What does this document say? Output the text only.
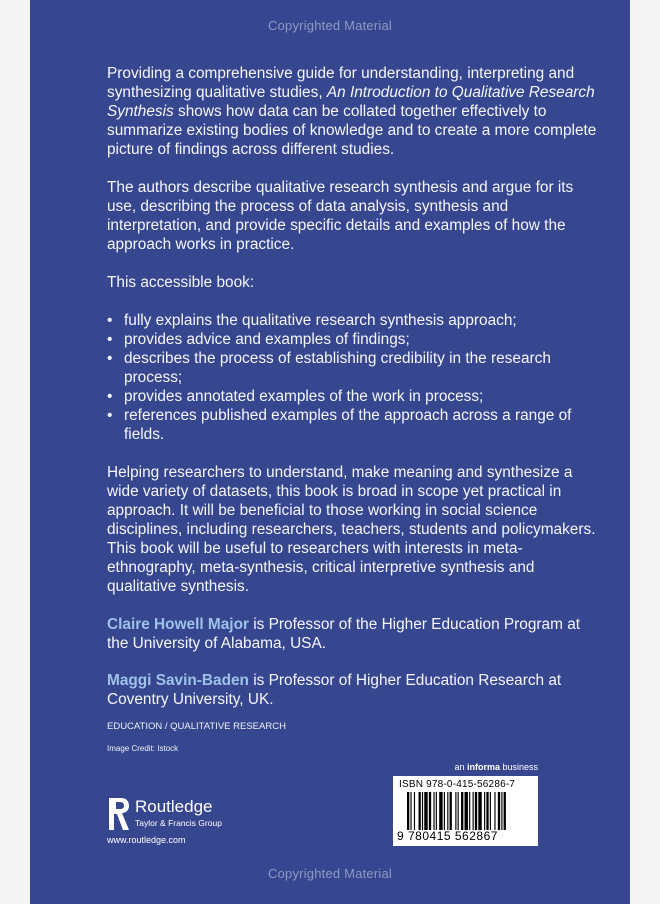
Copyrighted Material

Providing a comprehensive guide for understanding, interpreting and synthesizing qualitative studies, An Introduction to Qualitative Research Synthesis shows how data can be collated together effectively to summarize existing bodies of knowledge and to create a more complete picture of findings across different studies.

The authors describe qualitative research synthesis and argue for its use, describing the process of data analysis, synthesis and interpretation, and provide specific details and examples of how the approach works in practice.

This accessible book:

• fully explains the qualitative research synthesis approach;
• provides advice and examples of findings;
• describes the process of establishing credibility in the research process;
• provides annotated examples of the work in process;
• references published examples of the approach across a range of fields.

Helping researchers to understand, make meaning and synthesize a wide variety of datasets, this book is broad in scope yet practical in approach. It will be beneficial to those working in social science disciplines, including researchers, teachers, students and policymakers. This book will be useful to researchers with interests in meta-ethnography, meta-synthesis, critical interpretive synthesis and qualitative synthesis.

Claire Howell Major is Professor of the Higher Education Program at the University of Alabama, USA.

Maggi Savin-Baden is Professor of Higher Education Research at Coventry University, UK.

EDUCATION / QUALITATIVE RESEARCH
Image Credit: Istock
Routledge
Taylor & Francis Group
www.routledge.com
an informa business
ISBN 978-0-415-56286-7
9 780415 562867
Copyrighted Material
